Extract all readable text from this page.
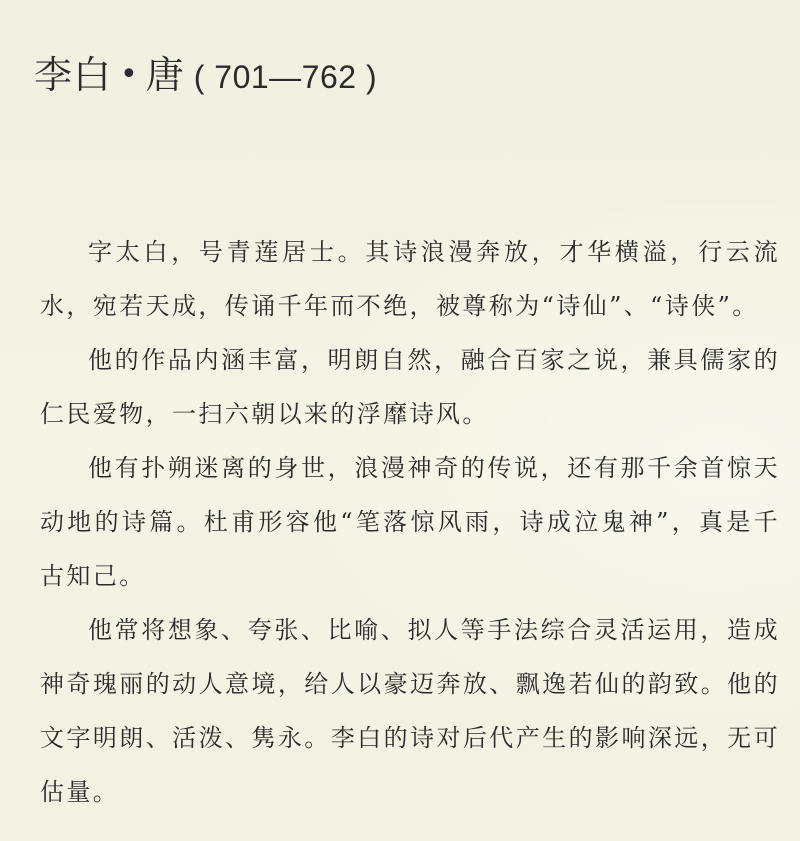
李白 • 唐 ( 701—762 )

字太白，号青莲居士。其诗浪漫奔放，才华横溢，行云流水，宛若天成，传诵千年而不绝，被尊称为“诗仙”、“诗侠”。

他的作品内涵丰富，明朗自然，融合百家之说，兼具儒家的仁民爱物，一扫六朝以来的浮靡诗风。

他有扑朔迷离的身世，浪漫神奇的传说，还有那千余首惊天动地的诗篇。杜甫形容他“笔落惊风雨，诗成泣鬼神”，真是千古知己。

他常将想象、夸张、比喻、拟人等手法综合灵活运用，造成神奇瑰丽的动人意境，给人以豪迈奔放、飘逸若仙的韵致。他的文字明朗、活泼、隽永。李白的诗对后代产生的影响深远，无可估量。
